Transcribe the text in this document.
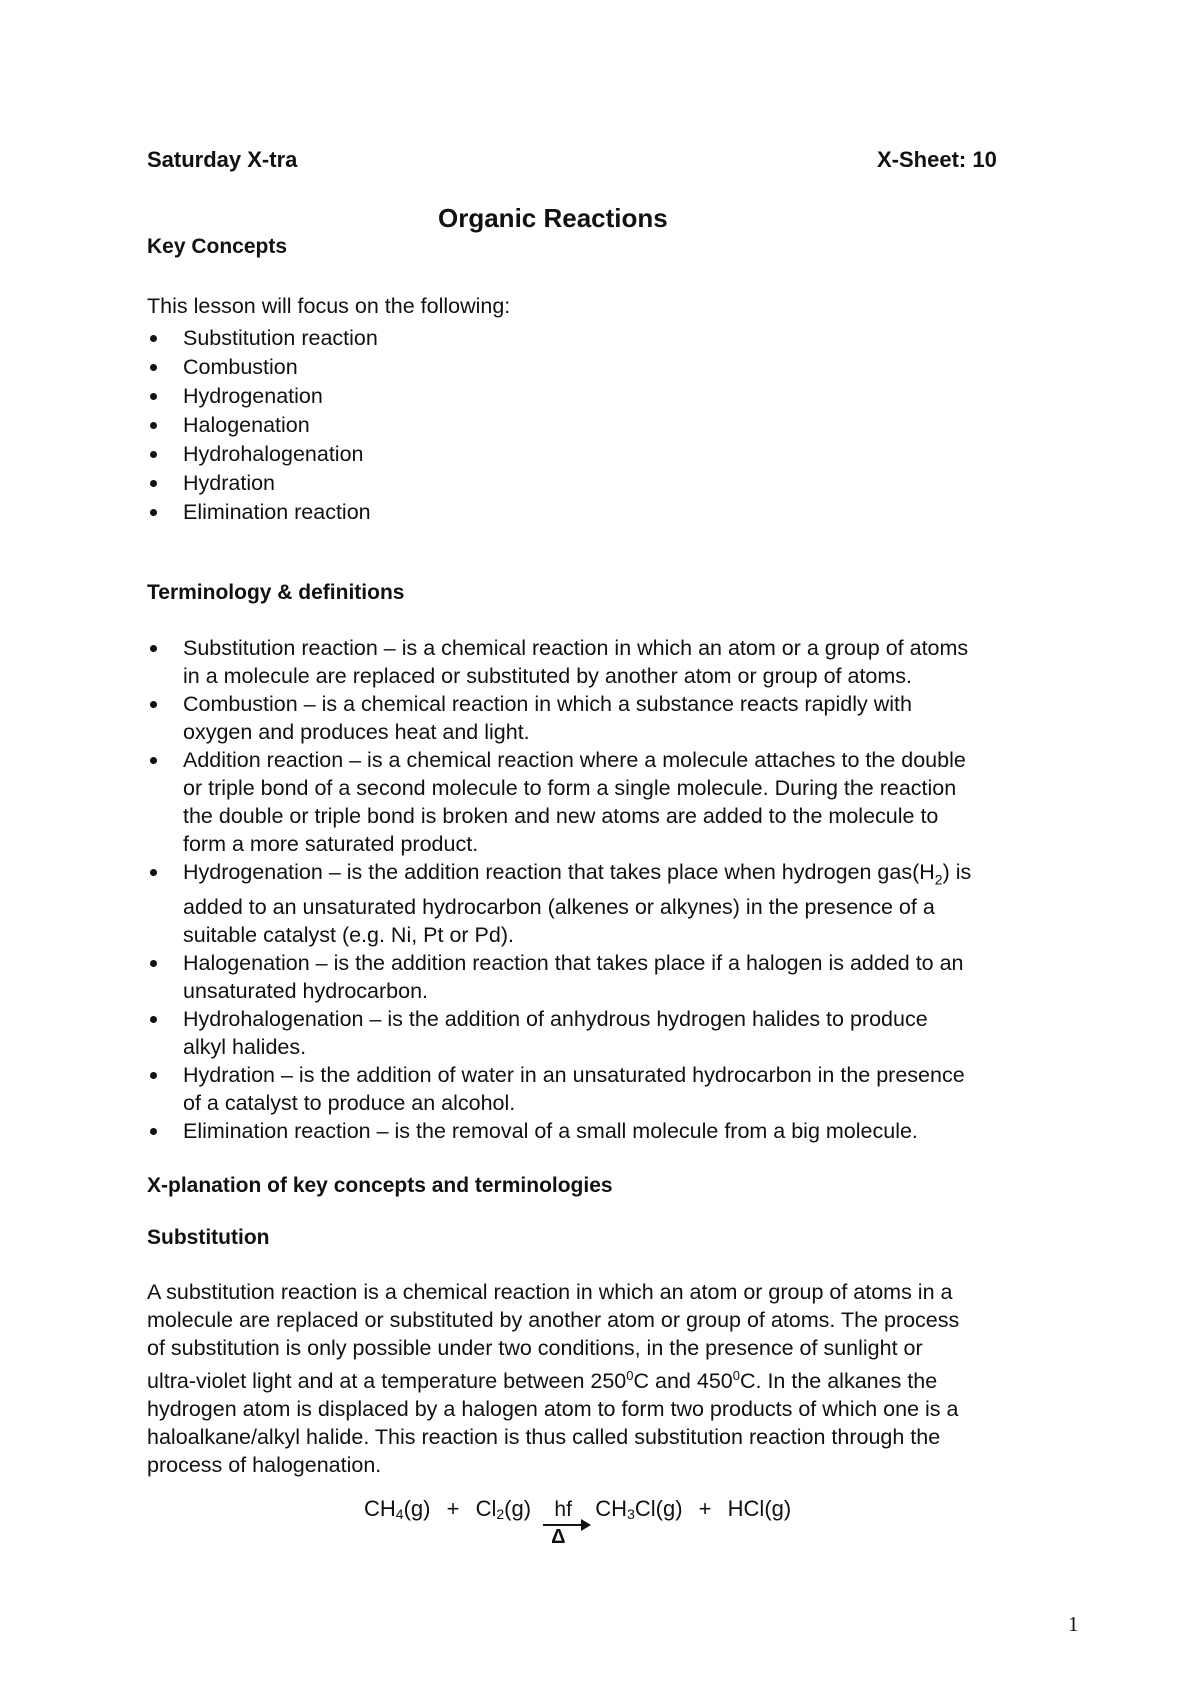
Saturday X-tra	X-Sheet: 10
Organic Reactions
Key Concepts
This lesson will focus on the following:
Substitution reaction
Combustion
Hydrogenation
Halogenation
Hydrohalogenation
Hydration
Elimination reaction
Terminology & definitions
Substitution reaction – is a chemical reaction in which an atom or a group of atoms
in a molecule are replaced or substituted by another atom or group of atoms.
Combustion – is a chemical reaction in which a substance reacts rapidly with
oxygen and produces heat and light.
Addition reaction – is a chemical reaction where a molecule attaches to the double
or triple bond of a second molecule to form a single molecule. During the reaction
the double or triple bond is broken and new atoms are added to the molecule to
form a more saturated product.
Hydrogenation – is the addition reaction that takes place when hydrogen $gas(H_2)$ is
added to an unsaturated hydrocarbon (alkenes or alkynes) in the presence of a
suitable catalyst (e.g. Ni, Pt or Pd).
Halogenation – is the addition reaction that takes place if a halogen is added to an
unsaturated hydrocarbon.
Hydrohalogenation – is the addition of anhydrous hydrogen halides to produce
alkyl halides.
Hydration – is the addition of water in an unsaturated hydrocarbon in the presence
of a catalyst to produce an alcohol.
Elimination reaction – is the removal of a small molecule from a big molecule.
X-planation of key concepts and terminologies
Substitution

A substitution reaction is a chemical reaction in which an atom or group of atoms in a
molecule are replaced or substituted by another atom or group of atoms. The process
of substitution is only possible under two conditions, in the presence of sunlight or
ultra-violet light and at a temperature between $250^0C$ and $450^0C$. In the alkanes the
hydrogen atom is displaced by a halogen atom to form two products of which one is a
haloalkane/alkyl halide. This reaction is thus called substitution reaction through the
process of halogenation.

$CH_4(g) + Cl_2(g) \frac{hf}{\Delta} CH_3Cl(g) + HCl(g)$
1
